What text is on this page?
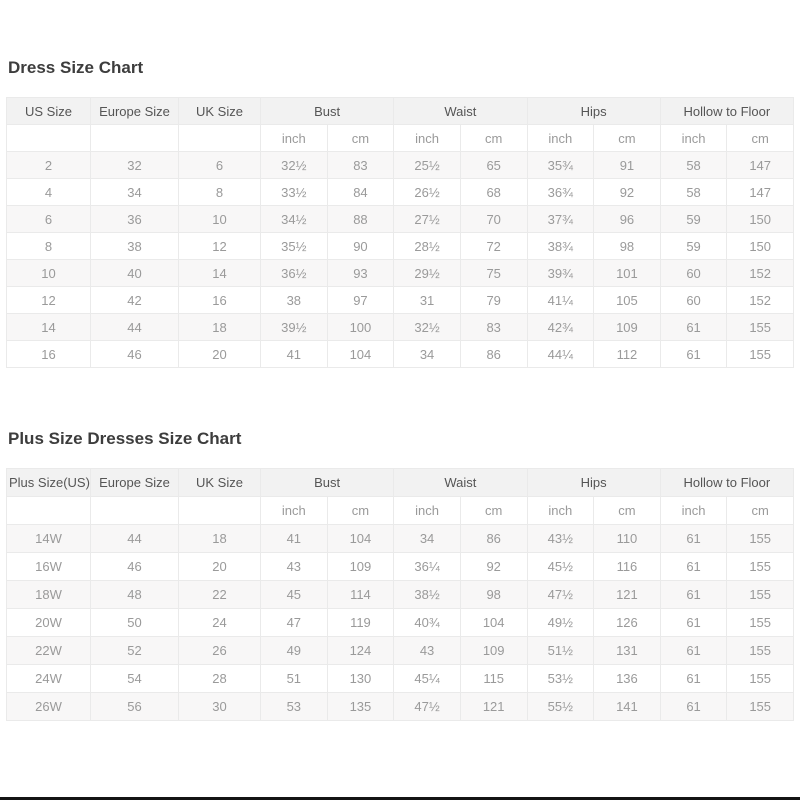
Dress Size Chart
US Size	Europe Size	UK Size	Bust		Waist		Hips		Hollow to Floor	
			inch	cm	inch	cm	inch	cm	inch	cm
2	32	6	32½	83	25½	65	35¾	91	58	147
4	34	8	33½	84	26½	68	36¾	92	58	147
6	36	10	34½	88	27½	70	37¾	96	59	150
8	38	12	35½	90	28½	72	38¾	98	59	150
10	40	14	36½	93	29½	75	39¾	101	60	152
12	42	16	38	97	31	79	41¼	105	60	152
14	44	18	39½	100	32½	83	42¾	109	61	155
16	46	20	41	104	34	86	44¼	112	61	155
Plus Size Dresses Size Chart
Plus Size(US)	Europe Size	UK Size	Bust		Waist		Hips		Hollow to Floor	
			inch	cm	inch	cm	inch	cm	inch	cm
14W	44	18	41	104	34	86	43½	110	61	155
16W	46	20	43	109	36¼	92	45½	116	61	155
18W	48	22	45	114	38½	98	47½	121	61	155
20W	50	24	47	119	40¾	104	49½	126	61	155
22W	52	26	49	124	43	109	51½	131	61	155
24W	54	28	51	130	45¼	115	53½	136	61	155
26W	56	30	53	135	47½	121	55½	141	61	155
